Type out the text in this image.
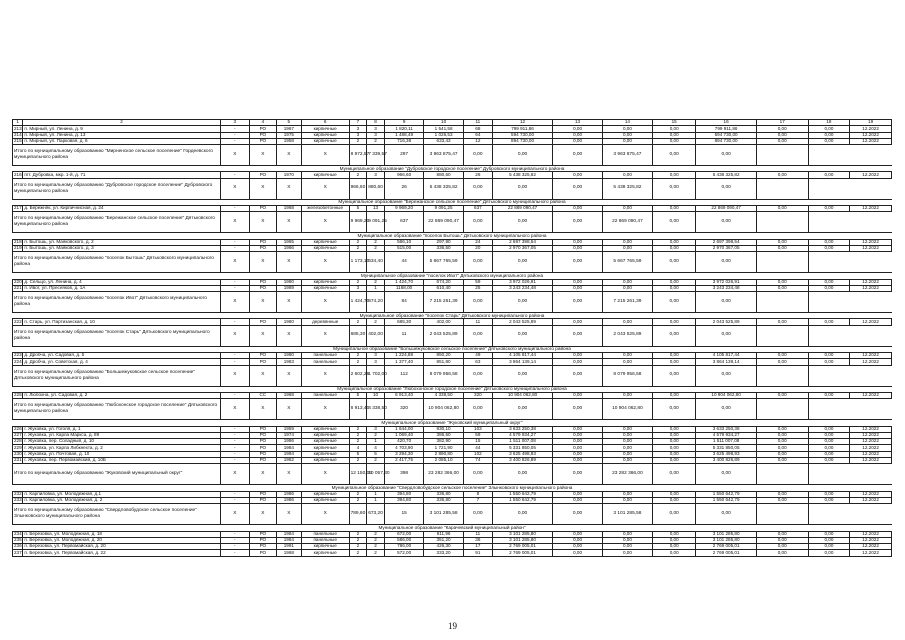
1	2	3	4	5	6	7	8	9	10	11	12	13	14	15	16	17	18	19
213	п. Мирный, ул. Ленина, д. 9	-	РО	1967	кирпичные	3	3	1 820,11	1 541,58	68	799 911,86	0,00	0,00	0,00	799 911,86	0,00	0,00	12.2022
214	п. Мирный, ул. Ленина, д. 13	-	РО	1975	кирпичные	3	3	1 488,49	1 026,53	64	594 730,00	0,00	0,00	0,00	594 730,00	0,00	0,00	12.2022
215	п. Мирный, ул. Парковая, д. 6	-	РО	1958	кирпичные	2	2	716,38	633,43	12	894 730,00	0,00	0,00	0,00	894 730,00	0,00	0,00	12.2022
Итого по муниципальному образованию "Мирненское сельское поселение" Гордеевского муниципального района		X	X	X	X	8 972,57	7 339,57	297	3 963 875,47	0,00	0,00	0,00	3 963 875,47	0,00	0,00			
Муниципальное образование "Дубровское городское поселение" Дубровского муниципального района																		
216	пгт. Дубровка, мкр. 1-й, д. 71	-	РО	1970	кирпичные	2	3	966,60	880,60	26	5 438 325,82	0,00	0,00	0,00	5 438 325,82	0,00	0,00	12.2022
Итого по муниципальному образованию "Дубровское городское поселение" Дубровского муниципального района		X	X	X	X	966,60	880,60	26	5 438 325,82	0,00	0,00	0,00	5 438 325,82	0,00	0,00			
Муниципальное образование "Бережанское сельское поселение" Дятьковского муниципального района																		
217	д. Бережняк, ул. Кирпичнисная, д. 24	-	РО	1968	железобетонные	5	13	9 969,20	9 091,25	637	22 869 090,47	0,00	0,00	0,00	22 869 090,47	0,00	0,00	12.2022
Итого по муниципальному образованию "Бережанское сельское поселение" Дятьковского муниципального района		X	X	X	X	9 969,20	9 091,25	637	22 869 090,47	0,00	0,00	0,00	22 869 090,47	0,00	0,00			
Муниципальное образование "поселок Бытошь" Дятьковского муниципального района																		
218	п. Бытошь, ул. Маяковского, д. 2	-	РО	1965	кирпичные	2	2	586,10	297,90	24	2 697 398,54	0,00	0,00	0,00	2 697 398,54	0,00	0,00	12.2022
219	п. Бытошь, ул. Маяковского, д. 3	-	РО	1966	кирпичные	2	2	515,00	336,50	20	2 970 367,05	0,00	0,00	0,00	2 970 367,05	0,00	0,00	12.2022
Итого по муниципальному образованию "поселок Бытошь" Дятьковского муниципального района		X	X	X	X	1 173,10	634,40	44	5 667 765,59	0,00	0,00	0,00	5 667 765,59	0,00	0,00			
Муниципальное образование "поселок Ивот" Дятьковского муниципального района																		
220	д. Сельцо, ул. Ленина, д. 4	-	РО	1980	кирпичные	2	2	1 424,70	674,20	59	3 972 026,91	0,00	0,00	0,00	3 972 026,91	0,00	0,00	12.2022
221	п. Ивот, ул. Пресняков, д. 1А	-	РО	1989	кирпичные	3	1	1168,00	610,40	25	3 243 234,48	0,00	0,00	0,00	3 243 234,48	0,00	0,00	12.2022
Итого по муниципальному образованию "поселок Ивот" Дятьковского муниципального района		X	X	X	X	1 424,70	674,20	84	7 215 261,39	0,00	0,00	0,00	7 215 261,39	0,00	0,00			
Муниципальное образование "поселок Старь" Дятьковского муниципального района																		
222	п. Старь, ул. Партизанская, д. 10	-	РО	1980	деревянные	2	2	685,30	402,00	11	2 043 525,89	0,00	0,00	0,00	2 043 525,89	0,00	0,00	12.2022
Итого по муниципальному образованию "поселок Старь" Дятьковского муниципального района		X	X	X	X	685,30	402,00	11	2 043 525,89	0,00	0,00	0,00	2 043 525,89	0,00	0,00			
Муниципальное образование "Большежуковское сельское поселение" Дятьковского муниципального района																		
223	д. Дробча, ул. Садовая, д. 5	-	РО	1980	панельные	2	3	1 224,88	850,20	49	4 105 817,44	0,00	0,00	0,00	4 105 817,44	0,00	0,00	12.2022
224	д. Дробча, ул. Советская, д. 4	-	РО	1983	панельные	2	3	1 377,40	851,80	63	3 864 139,14	0,00	0,00	0,00	3 864 139,14	0,00	0,00	12.2022
Итого по муниципальному образованию "Большежуковское сельское поселение" Дятьковского муниципального района		X	X	X	X	2 602,28	1 702,00	112	8 079 956,58	0,00	0,00	0,00	8 079 956,58	0,00	0,00			
Муниципальное образование "Любохонское городское поселение" Дятьковского муниципального района																		
225	п. Любохна, ул. Садовая, д. 2	-	СС	1968	панельные	5	10	6 913,40	4 338,50	320	10 904 062,80	0,00	0,00	0,00	10 904 062,80	0,00	0,00	12.2022
Итого по муниципальному образованию "Любохонское городское поселение" Дятьковского муниципального района		X	X	X	X	6 913,40	4 338,50	320	10 904 062,80	0,00	0,00	0,00	10 904 062,80	0,00	0,00			
Муниципальное образование "Жуковский муниципальный округ"																		
226	г. Жуковка, ул. Гоголя, д. 1	-	РО	1959	кирпичные	2	3	1 644,00	930,10	103	3 633 250,38	0,00	0,00	0,00	3 633 250,38	0,00	0,00	12.2022
227	г. Жуковка, ул. Карла Маркса, д. 89	-	РО	1974	кирпичные	2	2	1 069,40	386,50	59	4 579 934,27	0,00	0,00	0,00	4 579 934,27	0,00	0,00	12.2022
228	г. Жуковка, пер. Соладный, д. 10	-	РО	1986	кирпичные	2	1	420,70	382,90	15	1 511 007,08	0,00	0,00	0,00	1 511 007,08	0,00	0,00	12.2022
229	г. Жуковка, ул. Карла Либкнехта, д. 2	-	РО	1984	кирпичные	4	4	4 703,90	1 721,90	44	5 331 850,05	0,00	0,00	0,00	5 331 850,05	0,00	0,00	12.2022
230	г. Жуковка, ул. Почтовая, д. 10	-	РО	1994	кирпичные	5	5	3 294,30	2 890,80	102	3 625 498,93	0,00	0,00	0,00	3 625 498,93	0,00	0,00	12.2022
231	г. Жуковка, пер. Первомайский, д. 10Б	-	РО	1962	кирпичные	2	2	2 417,75	2 085,10	74	3 400 826,89	0,00	0,00	0,00	3 400 826,89	0,00	0,00	12.2022
Итого по муниципальному образованию "Жуковский муниципальный округ"		X	X	X	X	12 150,05	10 057,30	398	23 282 366,00	0,00	0,00	0,00	23 282 366,00	0,00	0,00			
Муниципальное образование "Свердловобудское сельское поселение" Злынковского муниципального района																		
232	п. Карпиловка, ул. Молодежная, д.1	-	РО	1986	кирпичные	2	1	394,80	336,80	8	1 550 642,79	0,00	0,00	0,00	1 550 642,79	0,00	0,00	12.2022
233	п. Карпиловка, ул. Молодежная, д. 2	-	РО	1986	кирпичные	2	1	394,80	336,80	7	1 550 642,79	0,00	0,00	0,00	1 550 642,79	0,00	0,00	12.2022
Итого по муниципальному образованию "Свердловобудское сельское поселение" Злынковского муниципального района		X	X	X	X	789,60	673,20	15	3 101 285,58	0,00	0,00	0,00	3 101 285,58	0,00	0,00			
Муниципальное образование "Карачевский муниципальный район"																		
234	п. Березовка, ул. Молодежная, д. 18	-	РО	1984	панельные	2	2	672,00	611,96	11	3 101 285,80	0,00	0,00	0,00	3 101 285,80	0,00	0,00	12.2022
235	п. Березовка, ул. Молодежная, д. 20	-	РО	1984	панельные	2	2	586,00	351,20	36	3 101 285,80	0,00	0,00	0,00	3 101 285,80	0,00	0,00	12.2022
236	п. Березовка, ул. Первомайская, д. 20	-	РО	1991	кирпичные	2	2	786,00	426,30	17	2 769 005,01	0,00	0,00	0,00	2 769 005,01	0,00	0,00	12.2022
237	п. Березовка, ул. Первомайская, д. 22	-	РО	1968	кирпичные	2	2	572,00	333,20	91	2 769 005,01	0,00	0,00	0,00	2 769 005,01	0,00	0,00	12.2022
19
